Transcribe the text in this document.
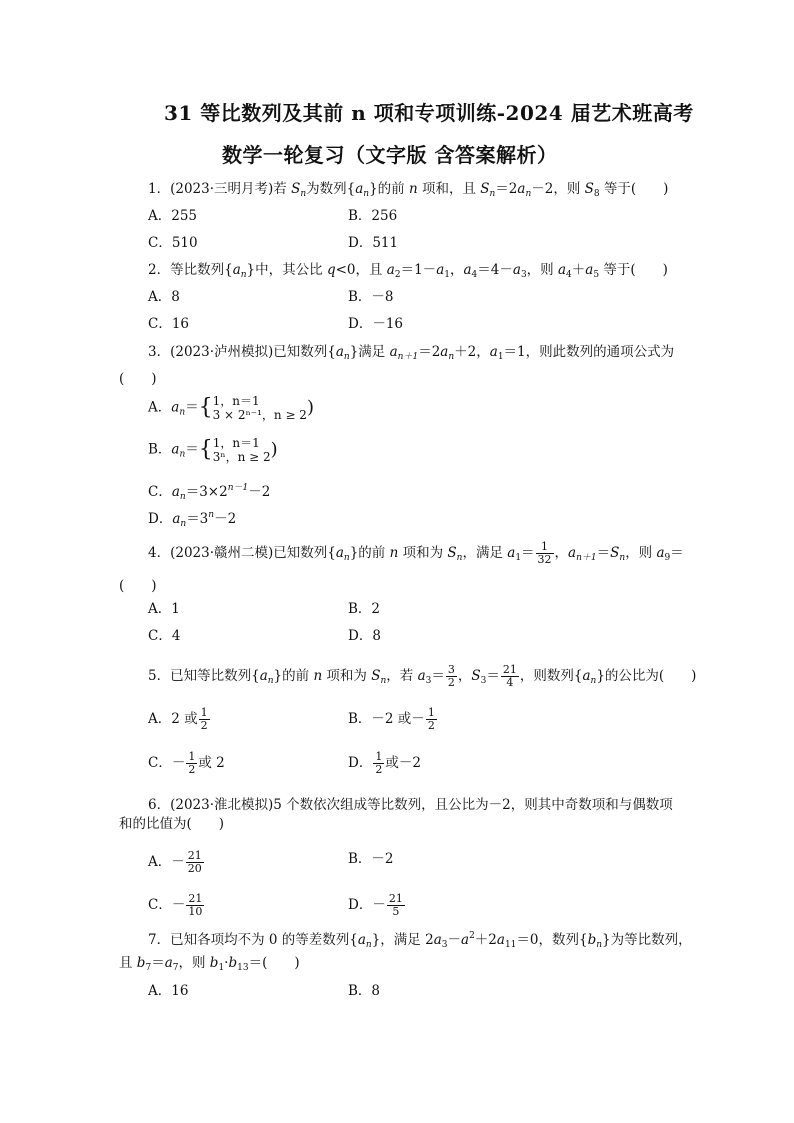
31 等比数列及其前 n 项和专项训练-2024 届艺术班高考
数学一轮复习（文字版 含答案解析）
1．(2023·三明月考)若 $S_n$为数列$\{a_n\}$的前 n 项和，且 $S_n=2a_n-2$，则 $S_8$ 等于(　　)
A．255	B．256
C．510	D．511
2．等比数列$\{a_n\}$中，其公比 q<0，且 $a_2=1-a_1$，$a_4=4-a_3$，则 $a_4+a_5$ 等于(　　)
A．8	B．－8
C．16	D．－16
3．(2023·泸州模拟)已知数列$\{a_n\}$满足 $a_{n+1}=2a_n+2$，$a_1=1$，则此数列的通项公式为
(　　)
A．$a_n=${ 1，n＝1
3 × 2ⁿ⁻¹，n ≥ 2 )
B．$a_n=${ 1，n＝1
3ⁿ，n ≥ 2 )
C．$a_n=3\times 2^{n-1}-2$
D．$a_n=3^n-2$
4．(2023·赣州二模)已知数列$\{a_n\}$的前 n 项和为 $S_n$，满足 $a_1= \frac{1}{32}$ ，$a_{n+1}=S_n$，则 $a_9=$
(　　)
A．1	B．2
C．4	D．8
5．已知等比数列$\{a_n\}$的前 n 项和为 $S_n$，若 $a_3= \frac{3}{2}$ ，$S_3= \frac{21}{4}$ ，则数列$\{a_n\}$的公比为(　　)
A．2 或 $\frac{1}{2}$	B．－2 或－ $\frac{1}{2}$
C．－ $\frac{1}{2}$ 或 2	D． $\frac{1}{2}$ 或－2
6．(2023·淮北模拟)5 个数依次组成等比数列，且公比为－2，则其中奇数项和与偶数项
和的比值为(　　)
A．－ $\frac{21}{20}$	B．－2
C．－ $\frac{21}{10}$	D．－ $\frac{21}{5}$
7．已知各项均不为 0 的等差数列$\{a_n\}$，满足 $2a_3-a^2+2a_{11}=0$，数列$\{b_n\}$为等比数列，
且 $b_7=a_7$，则 $b_1\cdot b_{13}=$(　　)
A．16	B．8
